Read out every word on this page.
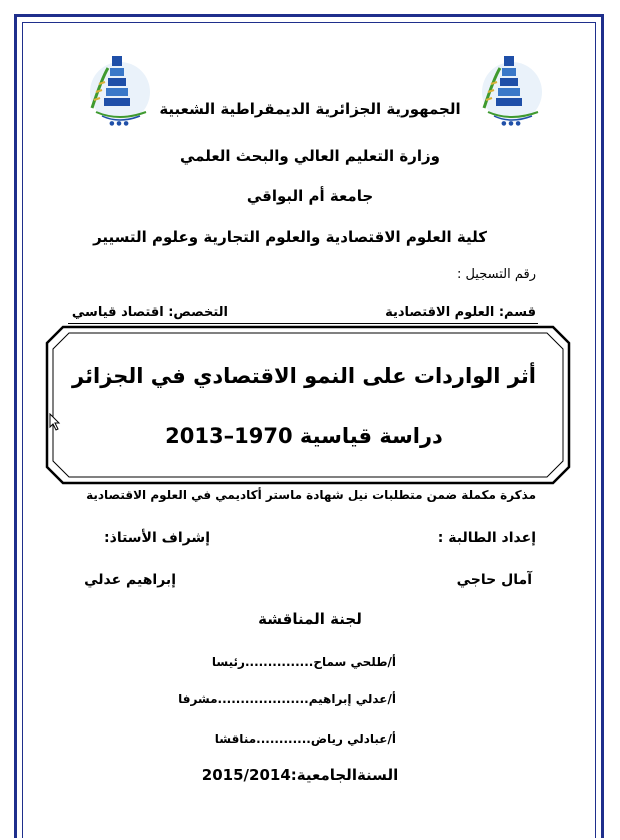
● ● ●	● ● ●
الجمهورية الجزائرية الديمقراطية الشعبية
وزارة التعليم العالي والبحث العلمي
جامعة أم البواقي
كلية العلوم الاقتصادية والعلوم التجارية وعلوم التسيير
رقم التسجيل :
قسم: العلوم الاقتصادية
التخصص: اقتصاد قياسي
أثر الواردات على النمو الاقتصادي في الجزائر
دراسة قياسية 1970–2013
مذكرة مكملة ضمن متطلبات نيل شهادة ماستر أكاديمي في العلوم الاقتصادية
إعداد الطالبة :
إشراف الأستاذ:
آمال حاجي
إبراهيم عدلي
لجنة المناقشة
أ/طلحي سماح...............رئيسا
أ/عدلي إبراهيم....................مشرفا
أ/عبادلي رياض............مناقشا
السنةالجامعية:2015/2014
